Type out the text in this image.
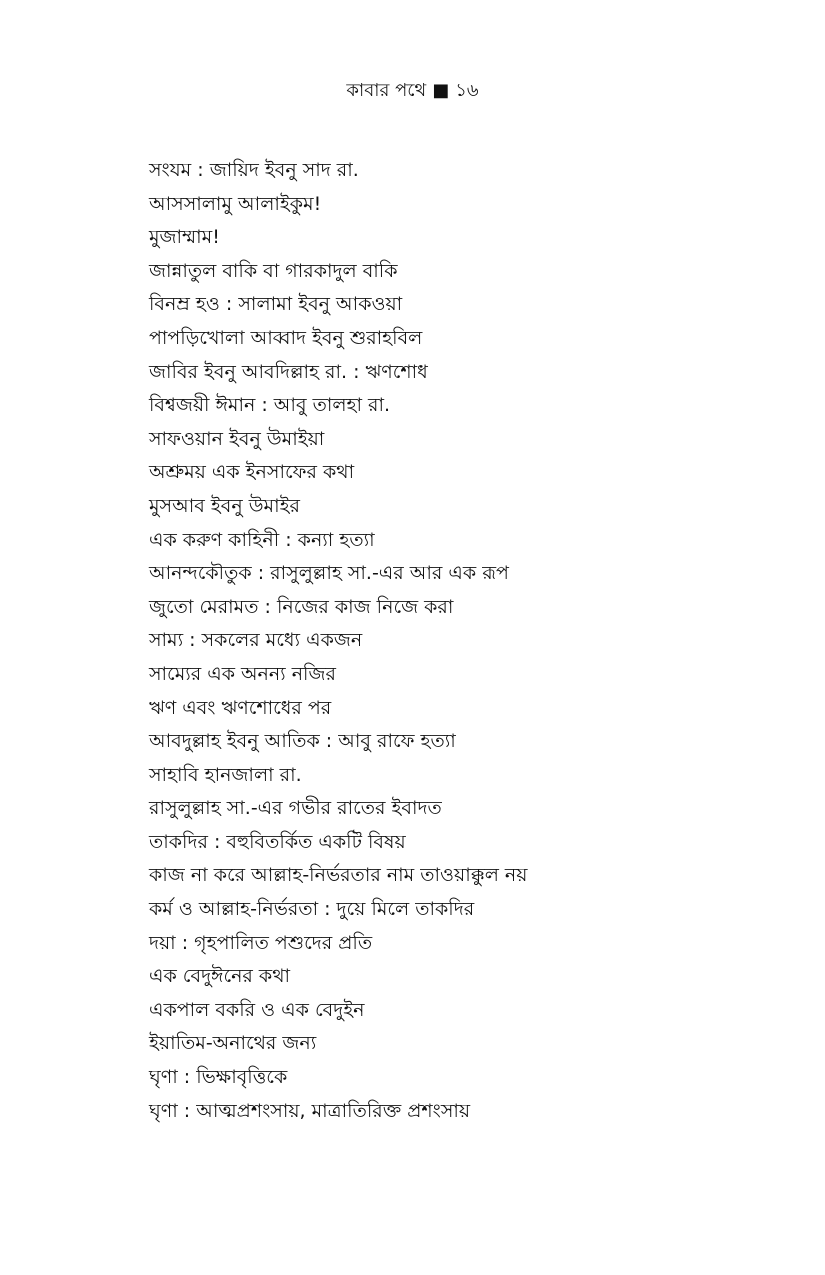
কাবার পথে ■ ১৬
সংযম : জায়িদ ইবনু সাদ রা.
আসসালামু আলাইকুম!
মুজাম্মাম!
জান্নাতুল বাকি বা গারকাদুল বাকি
বিনম্র হও : সালামা ইবনু আকওয়া
পাপড়িখোলা আব্বাদ ইবনু শুরাহবিল
জাবির ইবনু আবদিল্লাহ রা. : ঋণশোধ
বিশ্বজয়ী ঈমান : আবু তালহা রা.
সাফওয়ান ইবনু উমাইয়া
অশ্রুময় এক ইনসাফের কথা
মুসআব ইবনু উমাইর
এক করুণ কাহিনী : কন্যা হত্যা
আনন্দকৌতুক : রাসুলুল্লাহ সা.-এর আর এক রূপ
জুতো মেরামত : নিজের কাজ নিজে করা
সাম্য : সকলের মধ্যে একজন
সাম্যের এক অনন্য নজির
ঋণ এবং ঋণশোধের পর
আবদুল্লাহ ইবনু আতিক : আবু রাফে হত্যা
সাহাবি হানজালা রা.
রাসুলুল্লাহ সা.-এর গভীর রাতের ইবাদত
তাকদির : বহুবিতর্কিত একটি বিষয়
কাজ না করে আল্লাহ-নির্ভরতার নাম তাওয়াক্কুল নয়
কর্ম ও আল্লাহ-নির্ভরতা : দুয়ে মিলে তাকদির
দয়া : গৃহপালিত পশুদের প্রতি
এক বেদুঈনের কথা
একপাল বকরি ও এক বেদুইন
ইয়াতিম-অনাথের জন্য
ঘৃণা : ভিক্ষাবৃত্তিকে
ঘৃণা : আত্মপ্রশংসায়, মাত্রাতিরিক্ত প্রশংসায়
